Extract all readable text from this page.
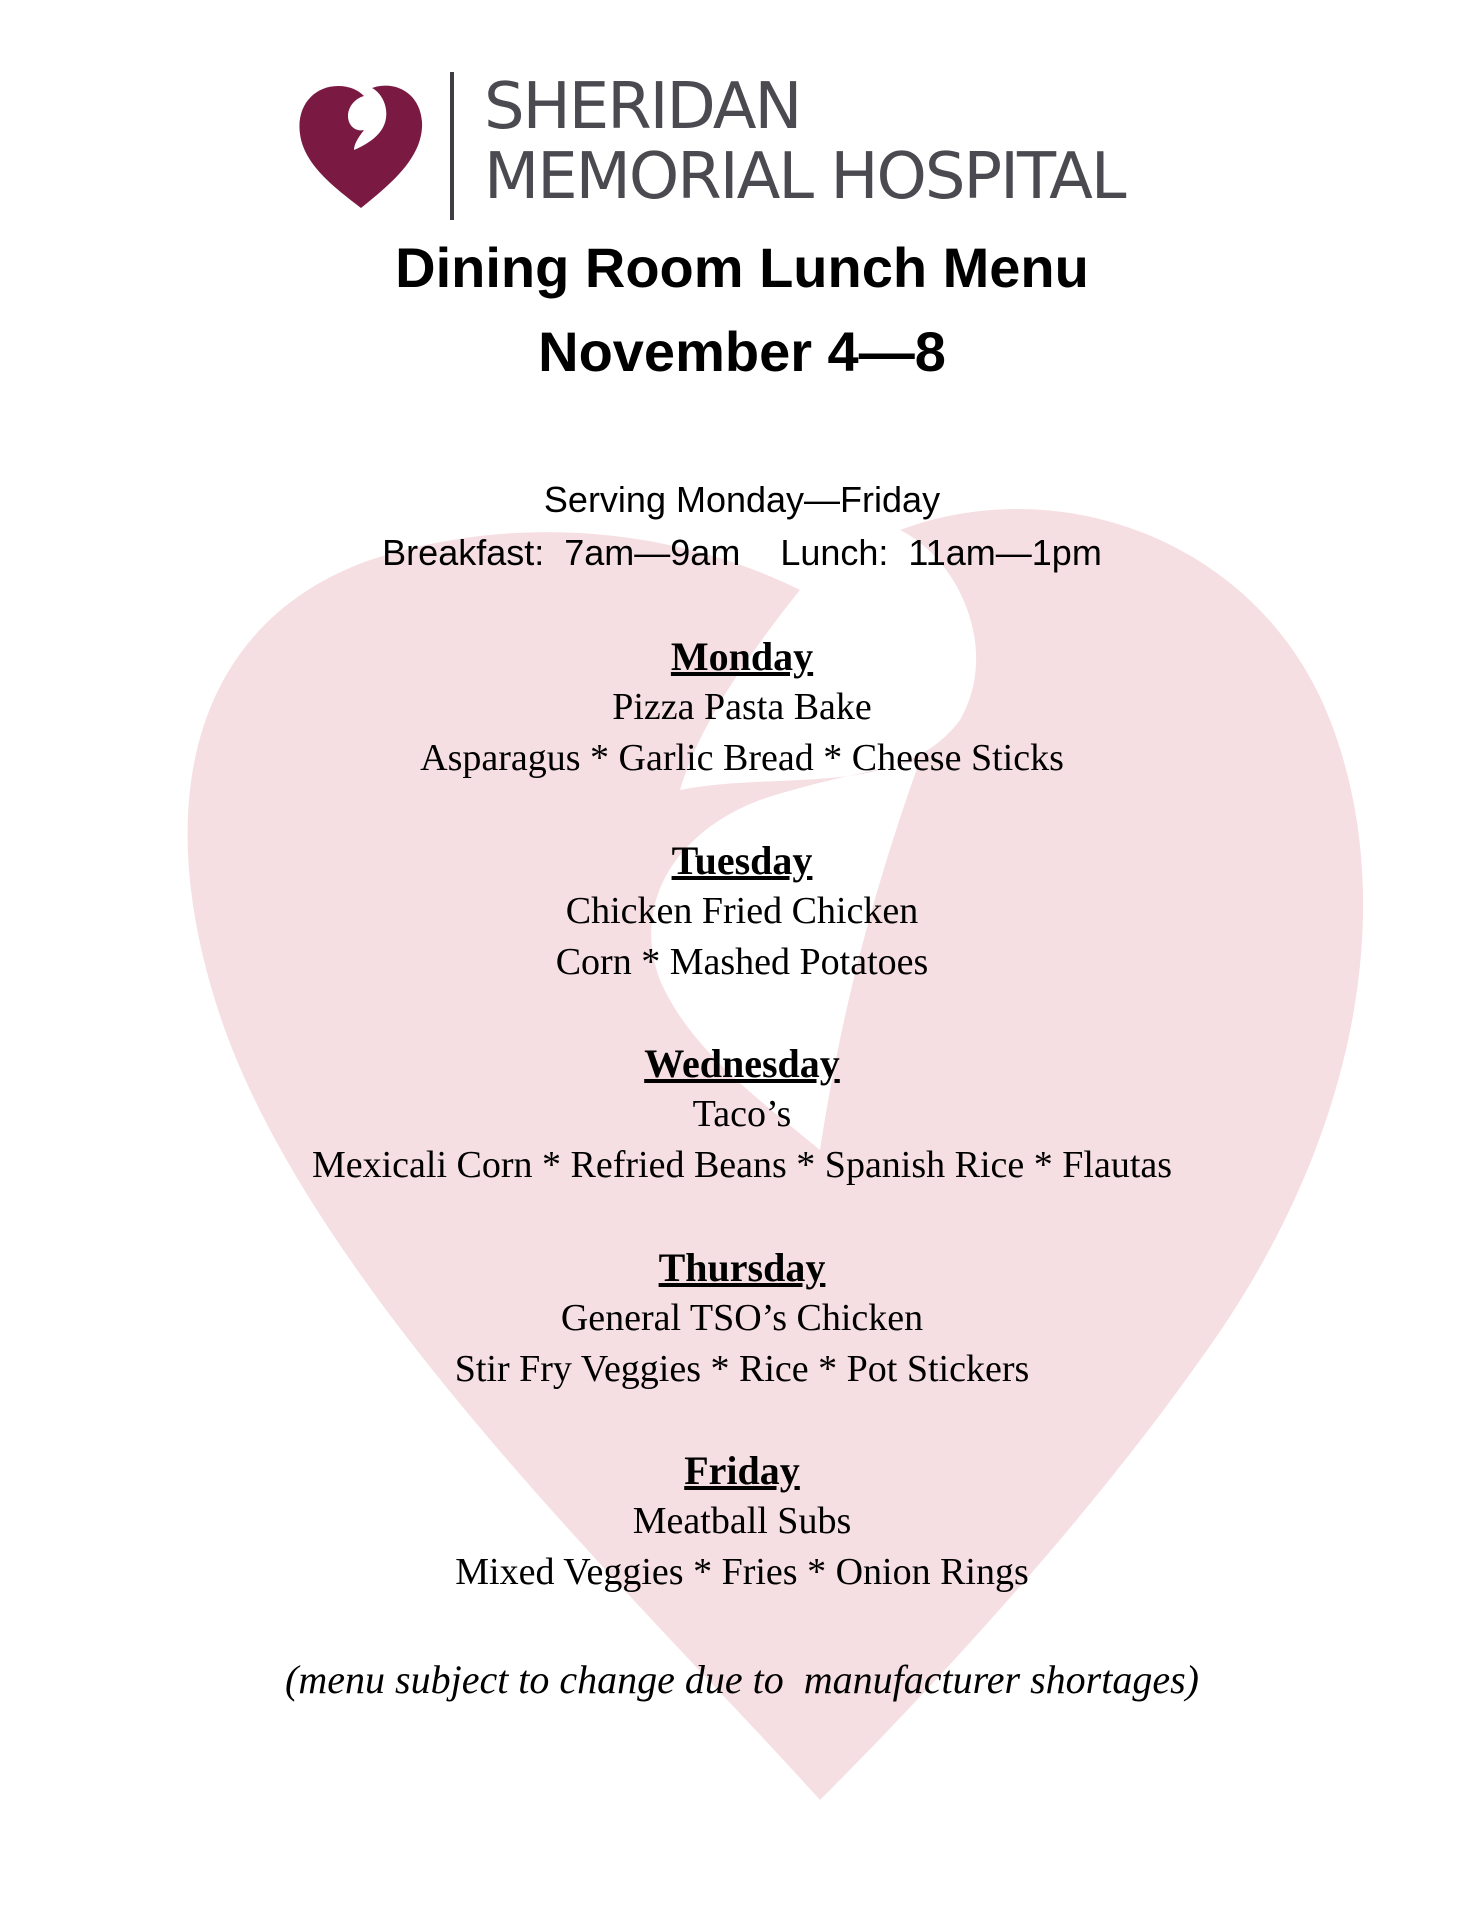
SHERIDAN
MEMORIAL HOSPITAL
Dining Room Lunch Menu
November 4—8
Serving Monday—Friday
Breakfast:  7am—9am    Lunch:  11am—1pm
Monday
Pizza Pasta Bake
Asparagus * Garlic Bread * Cheese Sticks
Tuesday
Chicken Fried Chicken
Corn * Mashed Potatoes
Wednesday
Taco’s
Mexicali Corn * Refried Beans * Spanish Rice * Flautas
Thursday
General TSO’s Chicken
Stir Fry Veggies * Rice * Pot Stickers
Friday
Meatball Subs
Mixed Veggies * Fries * Onion Rings
(menu subject to change due to  manufacturer shortages)
